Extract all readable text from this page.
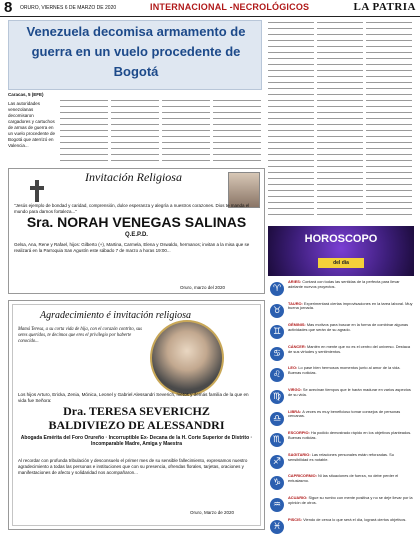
8 ORURO, VIERNES 6 DE MARZO DE 2020	INTERNACIONAL -NECROLÓGICOS	LA PATRIA
Venezuela decomisa armamento de guerra en un vuelo procedente de Bogotá
Caracas, 5 (EFE)
Las autoridades venezolanas decomisaron cargadores y cartuchos de armas de guerra en un vuelo procedente de Bogotá que aterrizó en Valencia...
Invitación Religiosa
"Jesús ejemplo de bondad y caridad, comprensión, dulce esperanza y alegría a nuestros corazones. Dios te manda el mundo para darnos fortaleza..."
Sra. NORAH VENEGAS SALINAS
Q.E.P.D.
Gelsa, Ana, Rene y Rafael, hijos: Gilberto (+), Martina, Carmela, Elena y Oswaldo, hermanos; invitan a la misa que se realizará en la Parroquia San Agustín este sábado 7 de marzo a horas 19:00...
Oruro, marzo del 2020
Agradecimiento é invitación religiosa
Mamá Teresa, a su corta vida de hija, con el corazón contrito, sus seres queridos, te decimos que eres el privilegio por haberte conocido...
Los hijos Arturo, Ericka, Zenia, Mónica, Leonel y Gabriel Alessandri Severich, nietos y demás familia de la que en vida fue Señora:
Dra. TERESA SEVERICHZ
BALDIVIEZO DE ALESSANDRI
Abogada Emérita del Foro Orureño · Incorruptible Ex- Decana de la H. Corte Superior de Distrito · Incomparable Madre, Amiga y Maestra
Al recordar con profunda tribulación y desconsuelo el primer mes de su sensible fallecimiento, expresamos nuestro agradecimiento a todas las personas e instituciones que con su presencia, ofrendas florales, tarjetas, oraciones y manifestaciones de afecto y solidaridad nos acompañaron...
Oruro, Marzo de 2020
HOROSCOPO
del dia
♈
ARIES: Contará con todas las sentidas de la perfecta para llevar adelante nuevos proyectos.
♉
TAURO: Experimentará ciertas improvisaciones en la tarea laboral. Muy buena jornada.
♊
GÉMINIS: Mas motivos para buscar en la forma de combinar algunas actividades que serán de su agrado.
♋
CÁNCER: Mantén en mente que no es el centro del universo. Destaca de sus virtudes y sentimientos.
♌
LEO: Lo pase bien hermosos momentos junto al amor de la vida. Buenas noticias.
♍
VIRGO: Se avecinan tiempos que le harán madurar en varios aspectos de su vida.
♎
LIBRA: A veces es muy beneficioso tomar consejos de personas cercanas.
♏
ESCORPIO: Ha podido demostrado rápido en los objetivos planteados. Buenas noticias.
♐
SAGITARIO: Las relaciones personales están reforzadas. Su sensibilidad es notable.
♑
CAPRICORNIO: Ni las situaciones de fuerza, no debe perder el entusiasmo.
♒
ACUARIO: Sigue su rumbo con mente positiva y no se deje llevar por la opinión de otros.
♓
PISCIS: Viendo de cerca lo que será el día, logrará ciertos objetivos.
